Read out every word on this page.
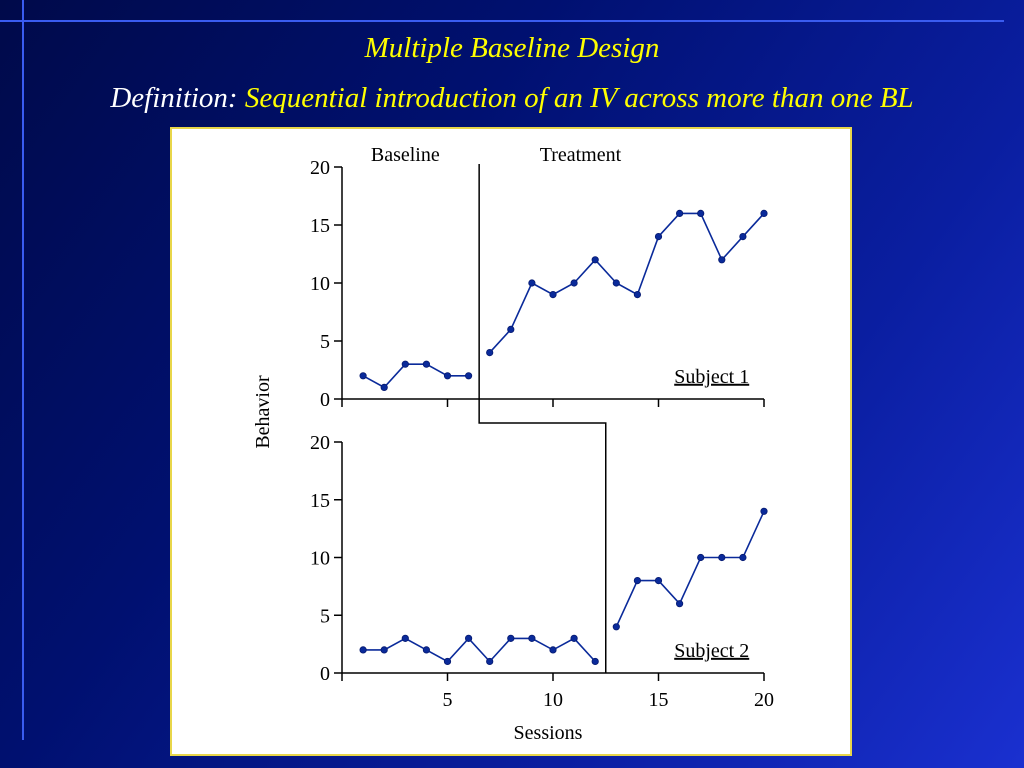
Multiple Baseline Design

Definition: Sequential introduction of an IV across more than one BL

0
5
10
15
20
Subject 1
0
5
10
15
20
5	10	15	20
Subject 2
Baseline	Treatment
Sessions
Behavior
